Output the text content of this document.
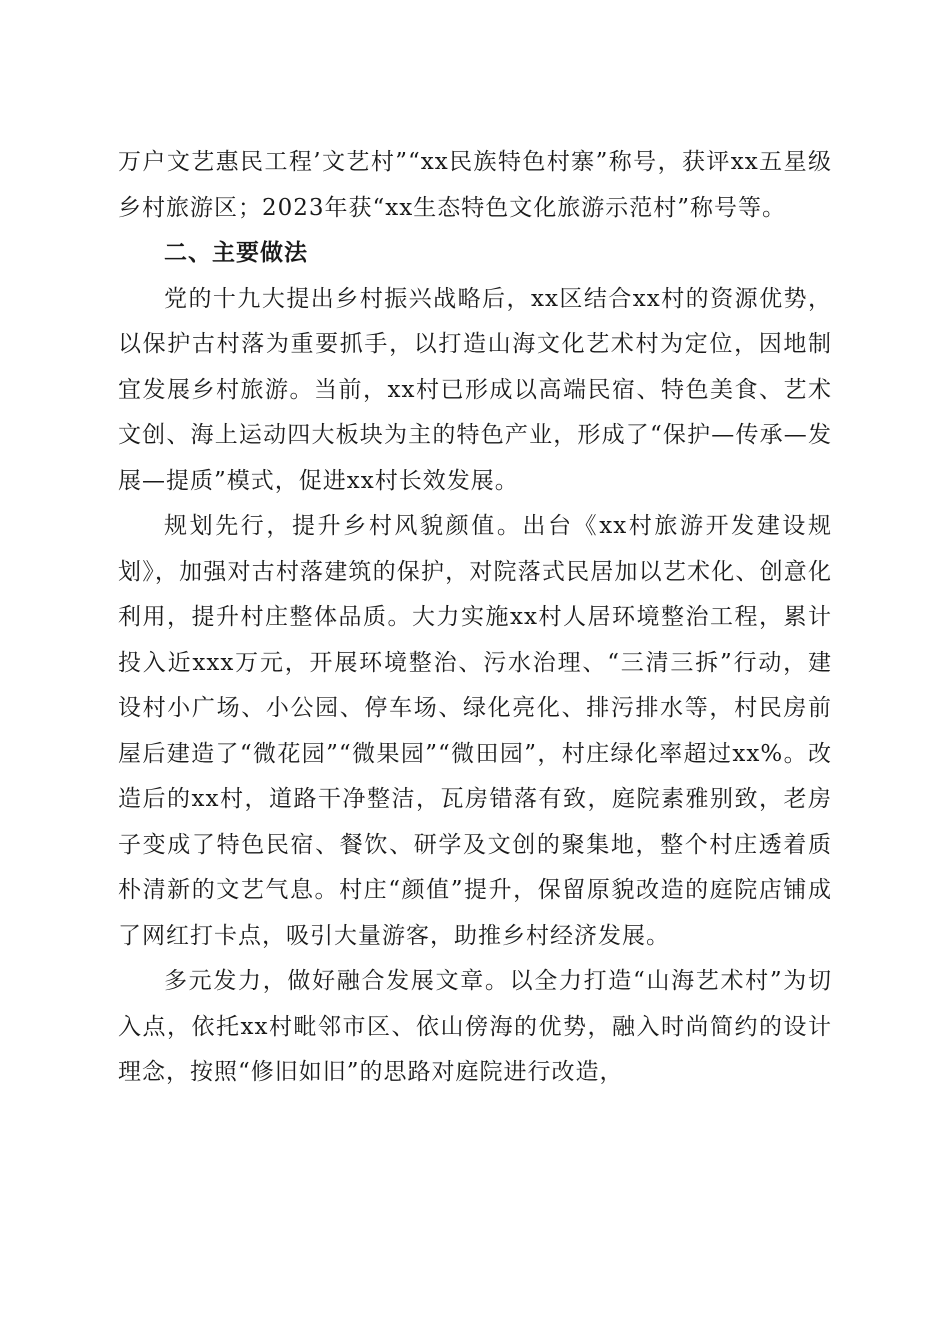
万户文艺惠民工程’文艺村”“xx民族特色村寨”称号，获评xx五星级乡村旅游区；2023年获“xx生态特色文化旅游示范村”称号等。

二、主要做法

党的十九大提出乡村振兴战略后，xx区结合xx村的资源优势，以保护古村落为重要抓手，以打造山海文化艺术村为定位，因地制宜发展乡村旅游。当前，xx村已形成以高端民宿、特色美食、艺术文创、海上运动四大板块为主的特色产业，形成了“保护—传承—发展—提质”模式，促进xx村长效发展。

规划先行，提升乡村风貌颜值。出台《xx村旅游开发建设规划》，加强对古村落建筑的保护，对院落式民居加以艺术化、创意化利用，提升村庄整体品质。大力实施xx村人居环境整治工程，累计投入近xxx万元，开展环境整治、污水治理、“三清三拆”行动，建设村小广场、小公园、停车场、绿化亮化、排污排水等，村民房前屋后建造了“微花园”“微果园”“微田园”，村庄绿化率超过xx%。改造后的xx村，道路干净整洁，瓦房错落有致，庭院素雅别致，老房子变成了特色民宿、餐饮、研学及文创的聚集地，整个村庄透着质朴清新的文艺气息。村庄“颜值”提升，保留原貌改造的庭院店铺成了网红打卡点，吸引大量游客，助推乡村经济发展。

多元发力，做好融合发展文章。以全力打造“山海艺术村”为切入点，依托xx村毗邻市区、依山傍海的优势，融入时尚简约的设计理念，按照“修旧如旧”的思路对庭院进行改造，
